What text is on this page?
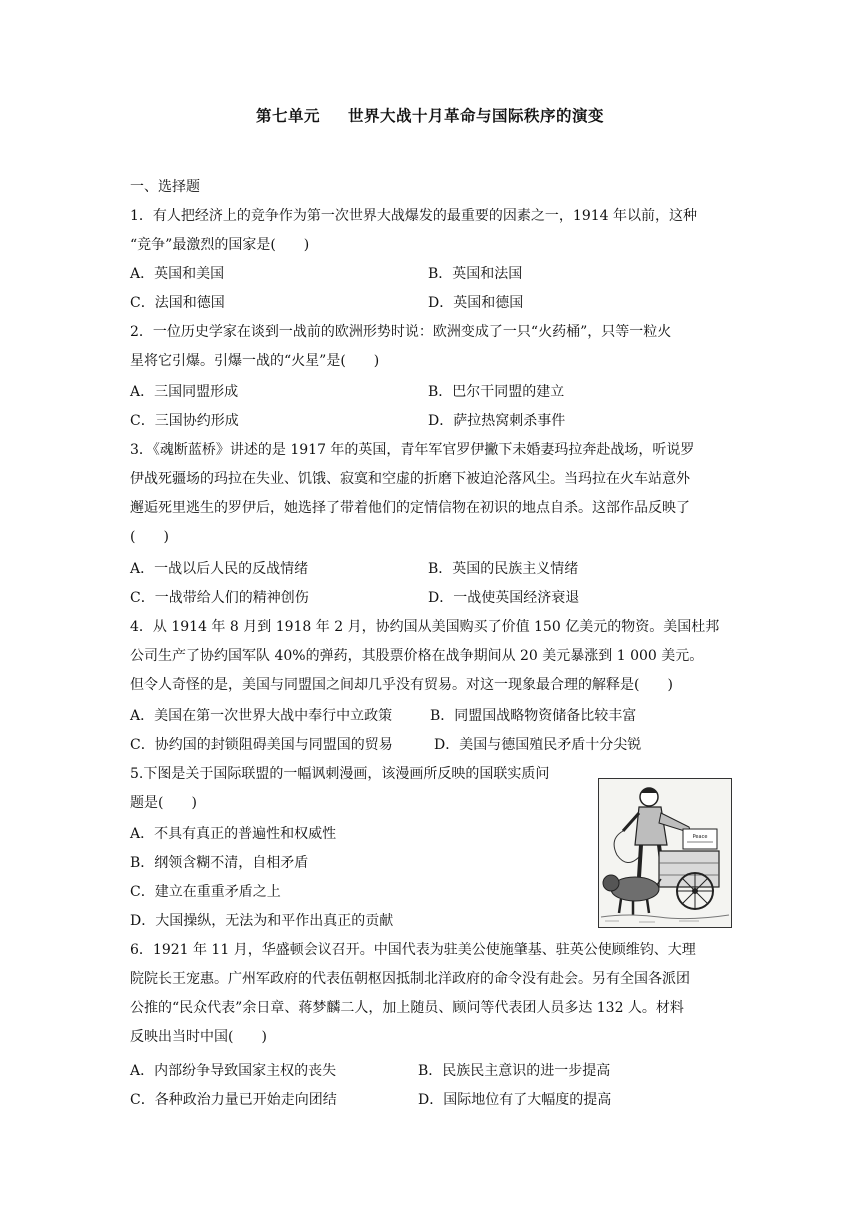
第七单元 世界大战十月革命与国际秩序的演变
一、选择题
1．有人把经济上的竞争作为第一次世界大战爆发的最重要的因素之一，1914 年以前，这种
“竞争”最激烈的国家是(　　)
A．英国和美国	B．英国和法国
C．法国和德国	D．英国和德国
2．一位历史学家在谈到一战前的欧洲形势时说：欧洲变成了一只“火药桶”，只等一粒火
星将它引爆。引爆一战的“火星”是(　　)
A．三国同盟形成	B．巴尔干同盟的建立
C．三国协约形成	D．萨拉热窝刺杀事件
3．《魂断蓝桥》讲述的是 1917 年的英国，青年军官罗伊撇下未婚妻玛拉奔赴战场，听说罗
伊战死疆场的玛拉在失业、饥饿、寂寞和空虚的折磨下被迫沦落风尘。当玛拉在火车站意外
邂逅死里逃生的罗伊后，她选择了带着他们的定情信物在初识的地点自杀。这部作品反映了
(　　)
A．一战以后人民的反战情绪	B．英国的民族主义情绪
C．一战带给人们的精神创伤	D．一战使英国经济衰退
4．从 1914 年 8 月到 1918 年 2 月，协约国从美国购买了价值 150 亿美元的物资。美国杜邦
公司生产了协约国军队 40%的弹药，其股票价格在战争期间从 20 美元暴涨到 1 000 美元。
但令人奇怪的是，美国与同盟国之间却几乎没有贸易。对这一现象最合理的解释是(　　)
A．美国在第一次世界大战中奉行中立政策	B．同盟国战略物资储备比较丰富
C．协约国的封锁阻碍美国与同盟国的贸易	D．美国与德国殖民矛盾十分尖锐
5.下图是关于国际联盟的一幅讽刺漫画，该漫画所反映的国联实质问
题是(　　)
A．不具有真正的普遍性和权威性
B．纲领含糊不清，自相矛盾
C．建立在重重矛盾之上
D．大国操纵，无法为和平作出真正的贡献
Peace
6．1921 年 11 月，华盛顿会议召开。中国代表为驻美公使施肇基、驻英公使顾维钧、大理
院院长王宠惠。广州军政府的代表伍朝枢因抵制北洋政府的命令没有赴会。另有全国各派团
公推的“民众代表”余日章、蒋梦麟二人，加上随员、顾问等代表团人员多达 132 人。材料
反映出当时中国(　　)
A．内部纷争导致国家主权的丧失	B．民族民主意识的进一步提高
C．各种政治力量已开始走向团结	D．国际地位有了大幅度的提高
